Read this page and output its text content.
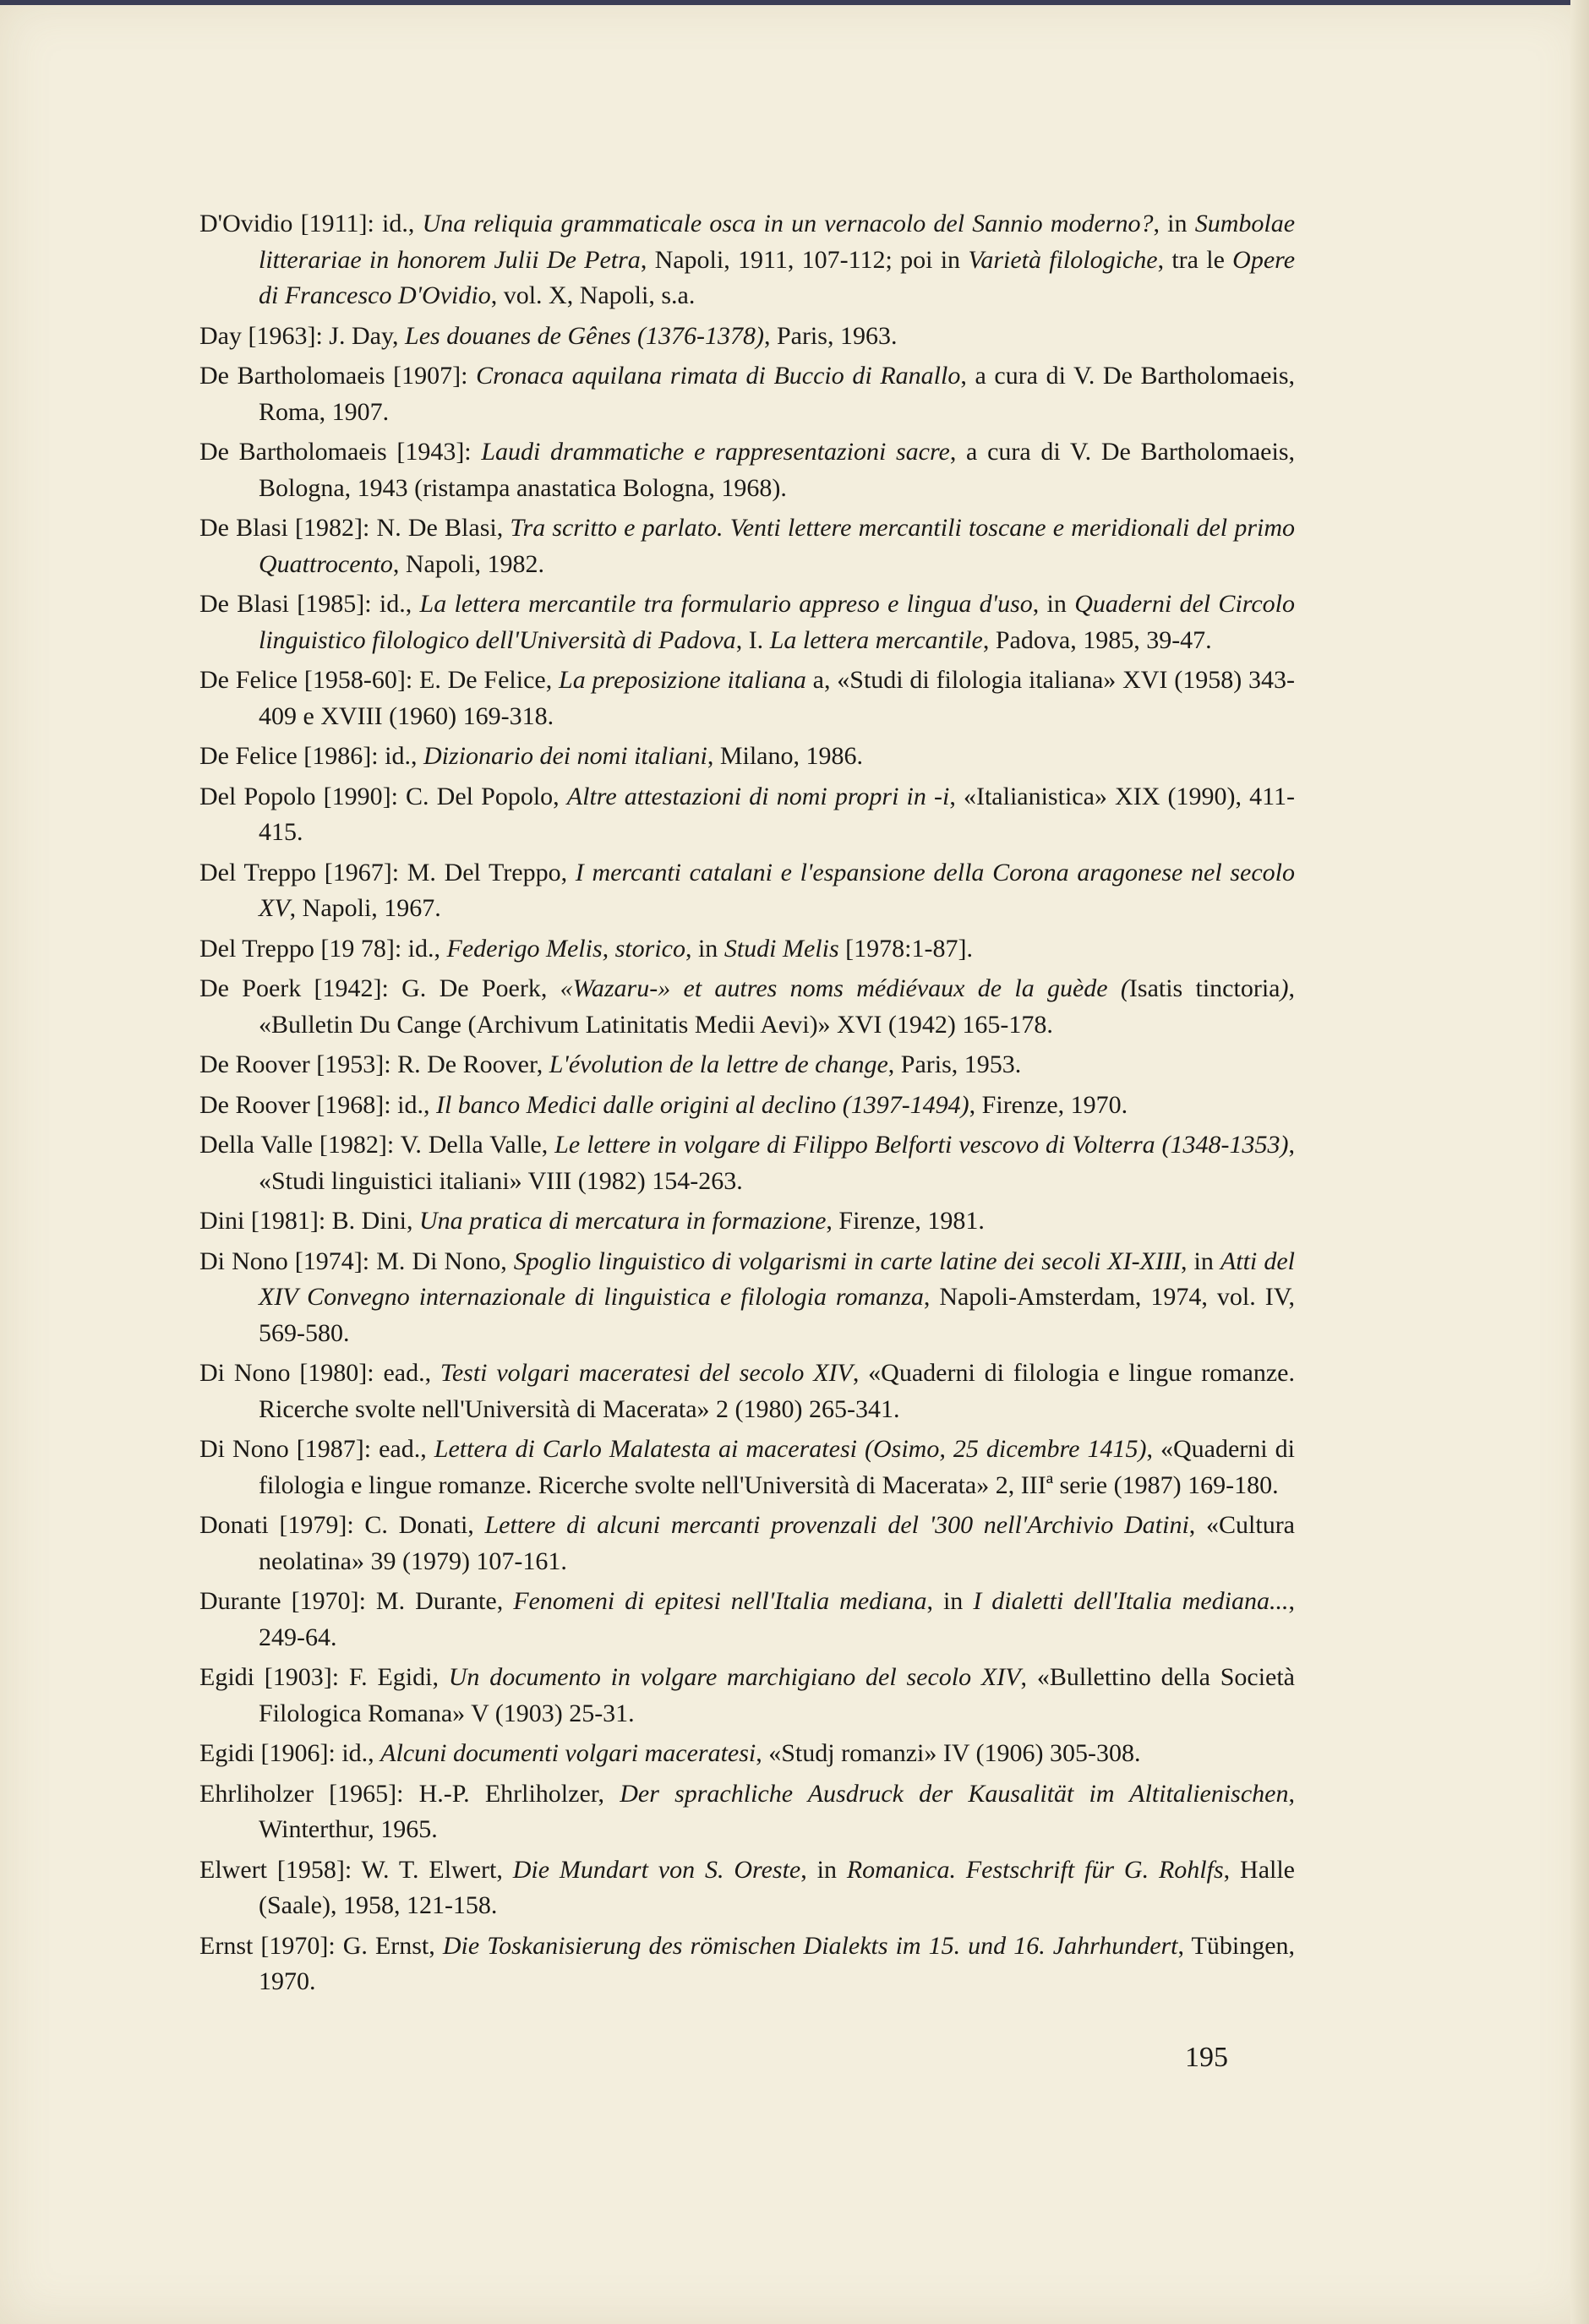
D'Ovidio [1911]: id., Una reliquia grammaticale osca in un vernacolo del Sannio moderno?, in Sumbolae litterariae in honorem Julii De Petra, Napoli, 1911, 107-112; poi in Varietà filologiche, tra le Opere di Francesco D'Ovidio, vol. X, Napoli, s.a.
Day [1963]: J. Day, Les douanes de Gênes (1376-1378), Paris, 1963.
De Bartholomaeis [1907]: Cronaca aquilana rimata di Buccio di Ranallo, a cura di V. De Bartholomaeis, Roma, 1907.
De Bartholomaeis [1943]: Laudi drammatiche e rappresentazioni sacre, a cura di V. De Bartholomaeis, Bologna, 1943 (ristampa anastatica Bologna, 1968).
De Blasi [1982]: N. De Blasi, Tra scritto e parlato. Venti lettere mercantili toscane e meridionali del primo Quattrocento, Napoli, 1982.
De Blasi [1985]: id., La lettera mercantile tra formulario appreso e lingua d'uso, in Quaderni del Circolo linguistico filologico dell'Università di Padova, I. La lettera mercantile, Padova, 1985, 39-47.
De Felice [1958-60]: E. De Felice, La preposizione italiana a, «Studi di filologia italiana» XVI (1958) 343-409 e XVIII (1960) 169-318.
De Felice [1986]: id., Dizionario dei nomi italiani, Milano, 1986.
Del Popolo [1990]: C. Del Popolo, Altre attestazioni di nomi propri in -i, «Italianistica» XIX (1990), 411-415.
Del Treppo [1967]: M. Del Treppo, I mercanti catalani e l'espansione della Corona aragonese nel secolo XV, Napoli, 1967.
Del Treppo [19 78]: id., Federigo Melis, storico, in Studi Melis [1978:1-87].
De Poerk [1942]: G. De Poerk, «Wazaru-» et autres noms médiévaux de la guède (Isatis tinctoria), «Bulletin Du Cange (Archivum Latinitatis Medii Aevi)» XVI (1942) 165-178.
De Roover [1953]: R. De Roover, L'évolution de la lettre de change, Paris, 1953.
De Roover [1968]: id., Il banco Medici dalle origini al declino (1397-1494), Firenze, 1970.
Della Valle [1982]: V. Della Valle, Le lettere in volgare di Filippo Belforti vescovo di Volterra (1348-1353), «Studi linguistici italiani» VIII (1982) 154-263.
Dini [1981]: B. Dini, Una pratica di mercatura in formazione, Firenze, 1981.
Di Nono [1974]: M. Di Nono, Spoglio linguistico di volgarismi in carte latine dei secoli XI-XIII, in Atti del XIV Convegno internazionale di linguistica e filologia romanza, Napoli-Amsterdam, 1974, vol. IV, 569-580.
Di Nono [1980]: ead., Testi volgari maceratesi del secolo XIV, «Quaderni di filologia e lingue romanze. Ricerche svolte nell'Università di Macerata» 2 (1980) 265-341.
Di Nono [1987]: ead., Lettera di Carlo Malatesta ai maceratesi (Osimo, 25 dicembre 1415), «Quaderni di filologia e lingue romanze. Ricerche svolte nell'Università di Macerata» 2, IIIª serie (1987) 169-180.
Donati [1979]: C. Donati, Lettere di alcuni mercanti provenzali del '300 nell'Archivio Datini, «Cultura neolatina» 39 (1979) 107-161.
Durante [1970]: M. Durante, Fenomeni di epitesi nell'Italia mediana, in I dialetti dell'Italia mediana..., 249-64.
Egidi [1903]: F. Egidi, Un documento in volgare marchigiano del secolo XIV, «Bullettino della Società Filologica Romana» V (1903) 25-31.
Egidi [1906]: id., Alcuni documenti volgari maceratesi, «Studj romanzi» IV (1906) 305-308.
Ehrliholzer [1965]: H.-P. Ehrliholzer, Der sprachliche Ausdruck der Kausalität im Altitalienischen, Winterthur, 1965.
Elwert [1958]: W. T. Elwert, Die Mundart von S. Oreste, in Romanica. Festschrift für G. Rohlfs, Halle (Saale), 1958, 121-158.
Ernst [1970]: G. Ernst, Die Toskanisierung des römischen Dialekts im 15. und 16. Jahrhundert, Tübingen, 1970.
195
